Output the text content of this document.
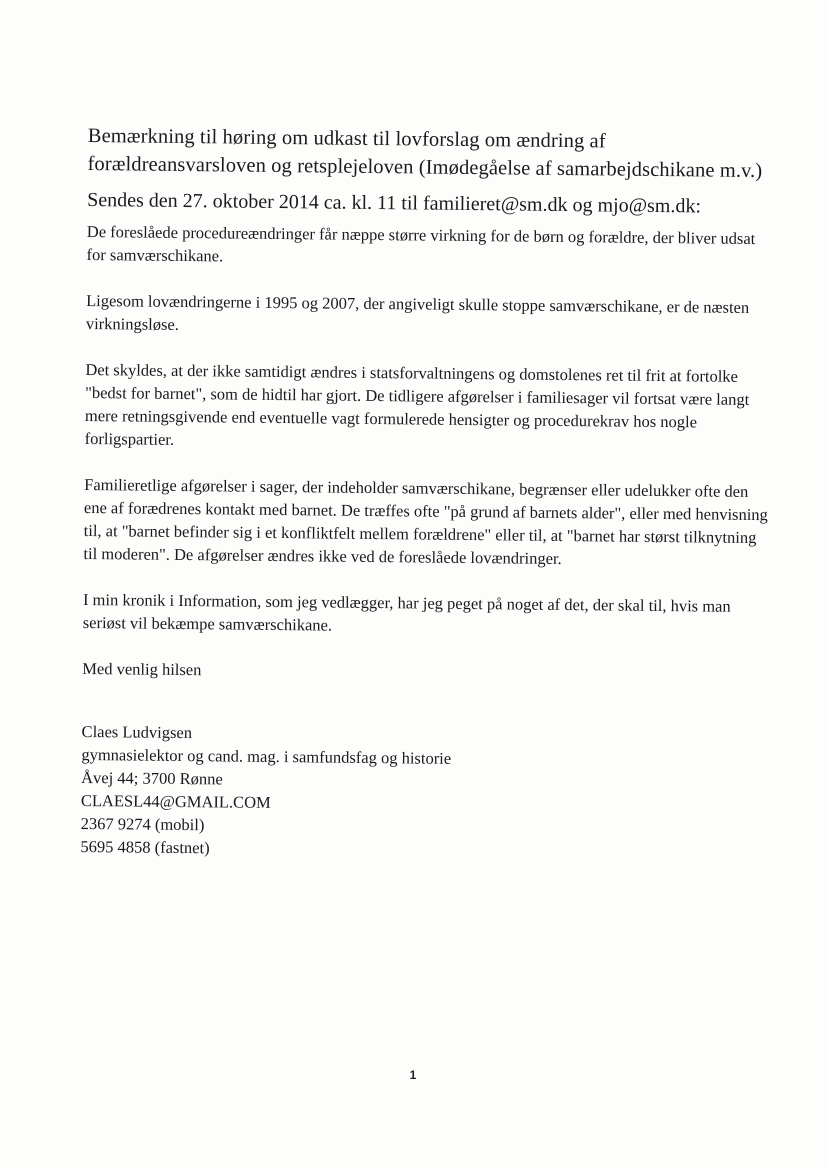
Bemærkning til høring om udkast til lovforslag om ændring af forældreansvarsloven og retsplejeloven (Imødegåelse af samarbejdschikane m.v.)
Sendes den 27. oktober 2014 ca. kl. 11 til familieret@sm.dk og mjo@sm.dk:

De foreslåede procedureændringer får næppe større virkning for de børn og forældre, der bliver udsat for samværschikane.

Ligesom lovændringerne i 1995 og 2007, der angiveligt skulle stoppe samværschikane, er de næsten virkningsløse.

Det skyldes, at der ikke samtidigt ændres i statsforvaltningens og domstolenes ret til frit at fortolke "bedst for barnet", som de hidtil har gjort. De tidligere afgørelser i familiesager vil fortsat være langt mere retningsgivende end eventuelle vagt formulerede hensigter og procedurekrav hos nogle forligspartier.

Familieretlige afgørelser i sager, der indeholder samværschikane, begrænser eller udelukker ofte den ene af forædrenes kontakt med barnet. De træffes ofte "på grund af barnets alder", eller med henvisning til, at "barnet befinder sig i et konfliktfelt mellem forældrene" eller til, at "barnet har størst tilknytning til moderen". De afgørelser ændres ikke ved de foreslåede lovændringer.

I min kronik i Information, som jeg vedlægger, har jeg peget på noget af det, der skal til, hvis man seriøst vil bekæmpe samværschikane.

Med venlig hilsen

Claes Ludvigsen
gymnasielektor og cand. mag. i samfundsfag og historie
Åvej 44; 3700 Rønne
CLAESL44@GMAIL.COM
2367 9274 (mobil)
5695 4858 (fastnet)
1
